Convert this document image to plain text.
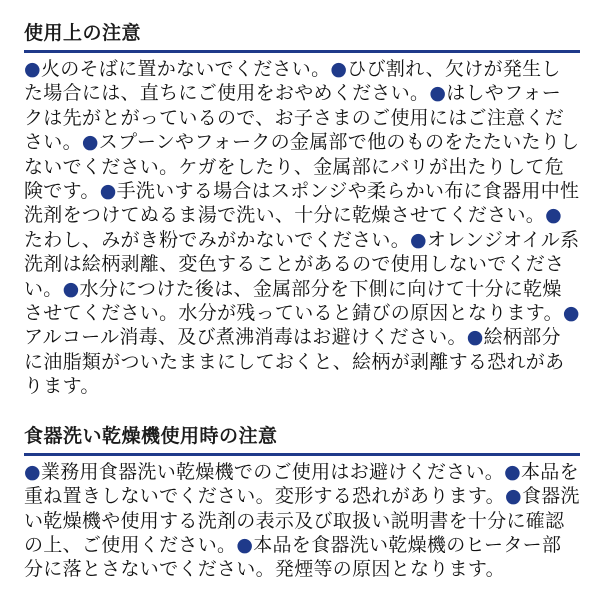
使用上の注意
●火のそばに置かないでください。●ひび割れ、欠けが発生した場合には、直ちにご使用をおやめください。●はしやフォークは先がとがっているので、お子さまのご使用にはご注意ください。●スプーンやフォークの金属部で他のものをたたいたりしないでください。ケガをしたり、金属部にバリが出たりして危険です。●手洗いする場合はスポンジや柔らかい布に食器用中性洗剤をつけてぬるま湯で洗い、十分に乾燥させてください。●たわし、みがき粉でみがかないでください。●オレンジオイル系洗剤は絵柄剥離、変色することがあるので使用しないでください。●水分につけた後は、金属部分を下側に向けて十分に乾燥させてください。水分が残っていると錆びの原因となります。●アルコール消毒、及び煮沸消毒はお避けください。●絵柄部分に油脂類がついたままにしておくと、絵柄が剥離する恐れがあります。
食器洗い乾燥機使用時の注意
●業務用食器洗い乾燥機でのご使用はお避けください。●本品を重ね置きしないでください。変形する恐れがあります。●食器洗い乾燥機や使用する洗剤の表示及び取扱い説明書を十分に確認の上、ご使用ください。●本品を食器洗い乾燥機のヒーター部分に落とさないでください。発煙等の原因となります。
